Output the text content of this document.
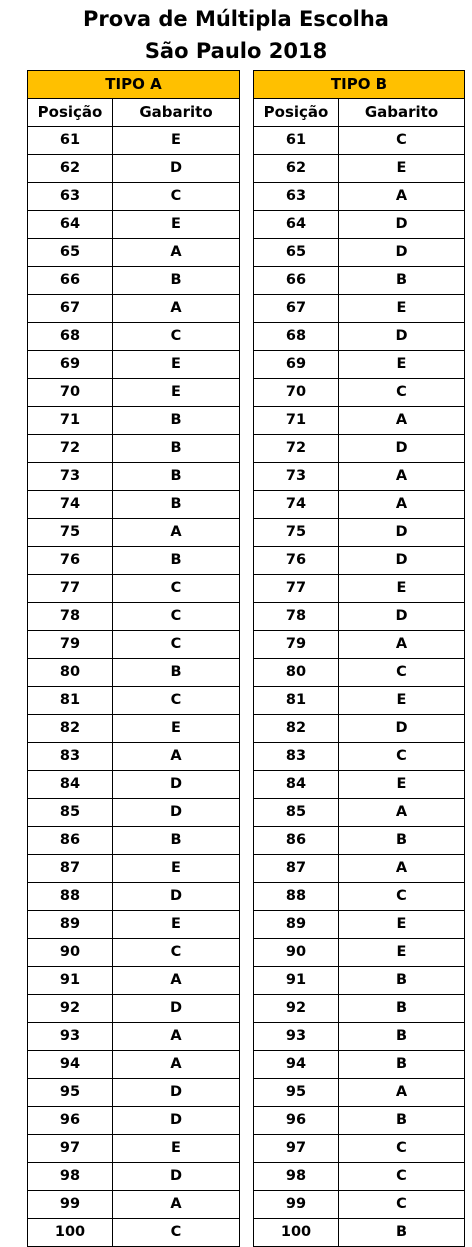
Prova de Múltipla Escolha
São Paulo 2018
TIPO A	
Posição	Gabarito
61	E
62	D
63	C
64	E
65	A
66	B
67	A
68	C
69	E
70	E
71	B
72	B
73	B
74	B
75	A
76	B
77	C
78	C
79	C
80	B
81	C
82	E
83	A
84	D
85	D
86	B
87	E
88	D
89	E
90	C
91	A
92	D
93	A
94	A
95	D
96	D
97	E
98	D
99	A
100	C
TIPO B	
Posição	Gabarito
61	C
62	E
63	A
64	D
65	D
66	B
67	E
68	D
69	E
70	C
71	A
72	D
73	A
74	A
75	D
76	D
77	E
78	D
79	A
80	C
81	E
82	D
83	C
84	E
85	A
86	B
87	A
88	C
89	E
90	E
91	B
92	B
93	B
94	B
95	A
96	B
97	C
98	C
99	C
100	B
